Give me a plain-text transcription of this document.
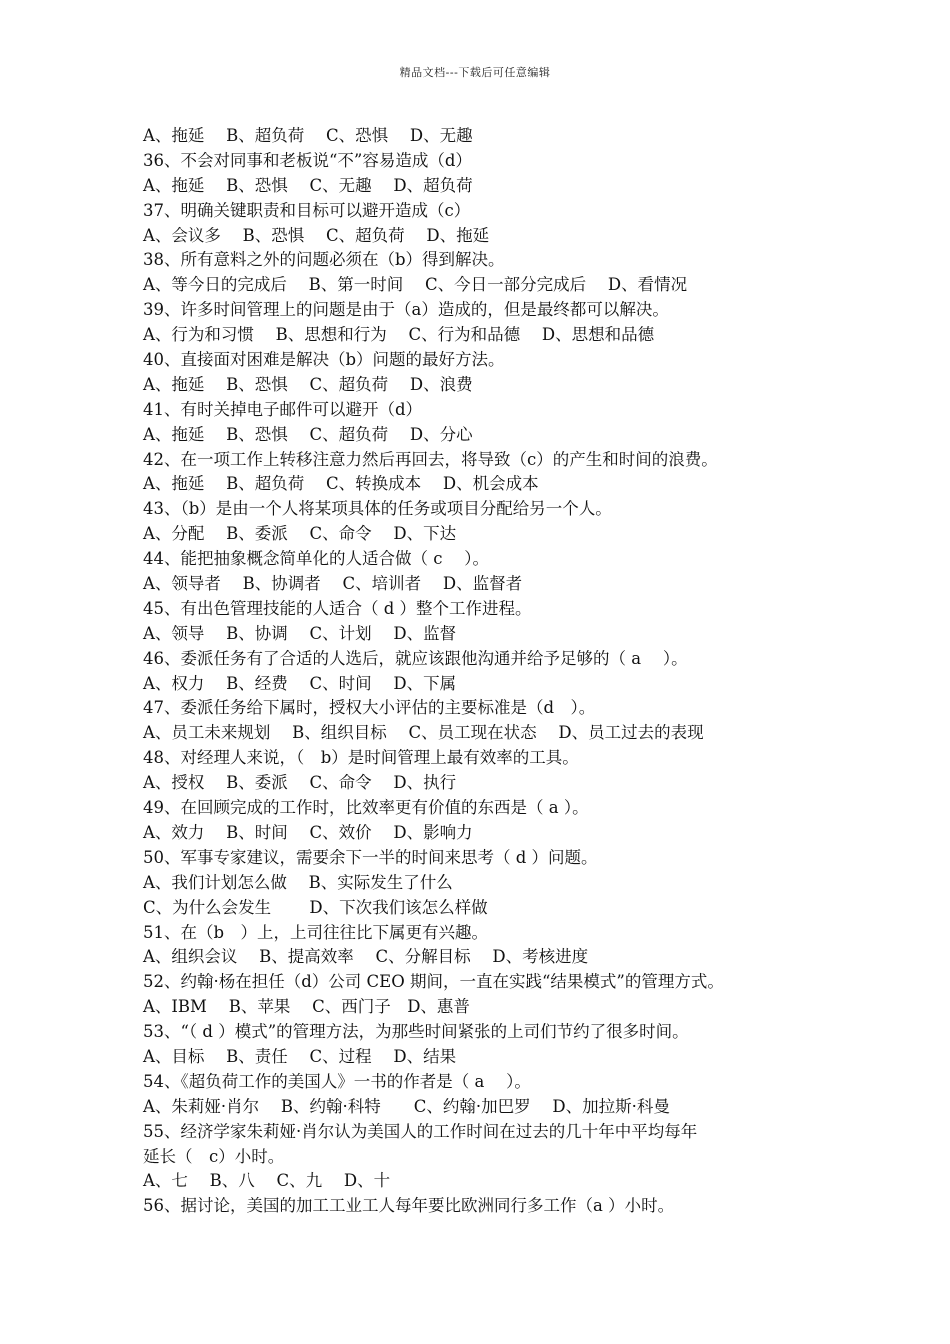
精品文档---下载后可任意编辑
A、拖延　 B、超负荷　 C、恐惧　 D、无趣
36、不会对同事和老板说“不”容易造成（d）
A、拖延　 B、恐惧　 C、无趣　 D、超负荷
37、明确关键职责和目标可以避开造成（c）
A、会议多　 B、恐惧　 C、超负荷　 D、拖延
38、所有意料之外的问题必须在（b）得到解决。
A、等今日的完成后　 B、第一时间　 C、今日一部分完成后　 D、看情况
39、许多时间管理上的问题是由于（a）造成的，但是最终都可以解决。
A、行为和习惯　 B、思想和行为　 C、行为和品德　 D、思想和品德
40、直接面对困难是解决（b）问题的最好方法。
A、拖延　 B、恐惧　 C、超负荷　 D、浪费
41、有时关掉电子邮件可以避开（d）
A、拖延　 B、恐惧　 C、超负荷　 D、分心
42、在一项工作上转移注意力然后再回去，将导致（c）的产生和时间的浪费。
A、拖延　 B、超负荷　 C、转换成本　 D、机会成本
43、（b）是由一个人将某项具体的任务或项目分配给另一个人。
A、分配　 B、委派　 C、命令　 D、下达
44、能把抽象概念简单化的人适合做（ c　 ）。
A、领导者　 B、协调者　 C、培训者　 D、监督者
45、有出色管理技能的人适合（ d ）整个工作进程。
A、领导　 B、协调　 C、计划　 D、监督
46、委派任务有了合适的人选后，就应该跟他沟通并给予足够的（ a　 ）。
A、权力　 B、经费　 C、时间　 D、下属
47、委派任务给下属时，授权大小评估的主要标准是（d　）。
A、员工未来规划　 B、组织目标　 C、员工现在状态　 D、员工过去的表现
48、对经理人来说，（　b）是时间管理上最有效率的工具。
A、授权　 B、委派　 C、命令　 D、执行
49、在回顾完成的工作时，比效率更有价值的东西是（ a ）。
A、效力　 B、时间　 C、效价　 D、影响力
50、军事专家建议，需要余下一半的时间来思考（ d ）问题。
A、我们计划怎么做　 B、实际发生了什么
C、为什么会发生　　 D、下次我们该怎么样做
51、在（b　）上，上司往往比下属更有兴趣。
A、组织会议　 B、提高效率　 C、分解目标　 D、考核进度
52、约翰·杨在担任（d）公司 CEO 期间，一直在实践“结果模式”的管理方式。
A、IBM　 B、苹果　 C、西门子　D、惠普
53、“（ d ）模式”的管理方法，为那些时间紧张的上司们节约了很多时间。
A、目标　 B、责任　 C、过程　 D、结果
54、《超负荷工作的美国人》一书的作者是（ a　 ）。
A、朱莉娅·肖尔　 B、约翰·科特　　C、约翰·加巴罗　 D、加拉斯·科曼
55、经济学家朱莉娅·肖尔认为美国人的工作时间在过去的几十年中平均每年
延长（　c）小时。
A、七　 B、八　 C、九　 D、十
56、据讨论，美国的加工工业工人每年要比欧洲同行多工作（a ）小时。
